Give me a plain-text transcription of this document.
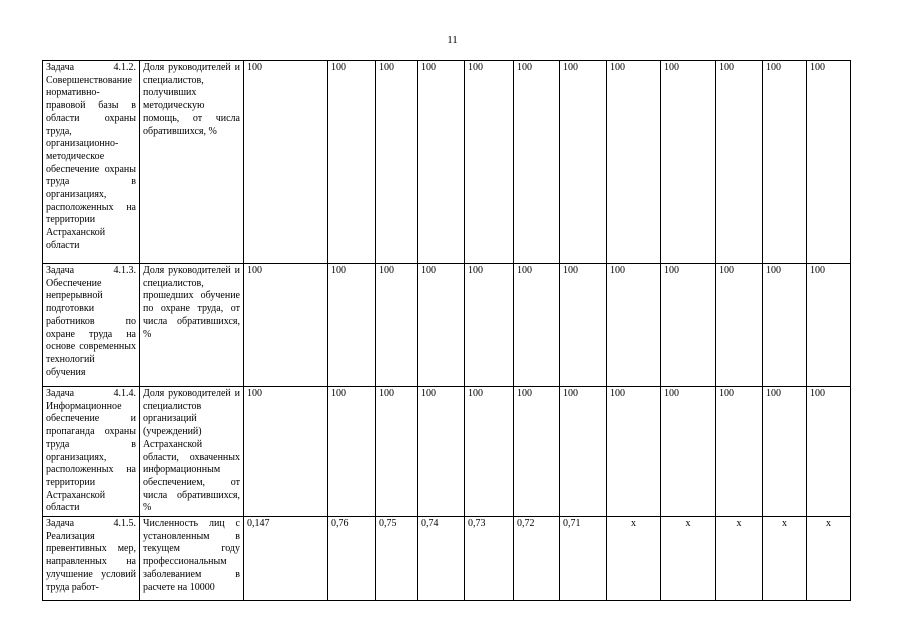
11
Задача 4.1.2. Совершенствование нормативно-правовой базы в области охраны труда, организационно-методическое обеспечение охраны труда в организациях, расположенных на территории Астраханской области	Доля руководителей и специалистов, получивших методическую помощь, от числа обратившихся, %	100	100	100	100	100	100	100	100	100	100	100	100
Задача 4.1.3. Обеспечение непрерывной подготовки работников по охране труда на основе современных технологий обучения	Доля руководителей и специалистов, прошедших обучение по охране труда, от числа обратившихся, %	100	100	100	100	100	100	100	100	100	100	100	100
Задача 4.1.4. Информационное обеспечение и пропаганда охраны труда в организациях, расположенных на территории Астраханской области	Доля руководителей и специалистов организаций (учреждений) Астраханской области, охваченных информационным обеспечением, от числа обратившихся, %	100	100	100	100	100	100	100	100	100	100	100	100
Задача 4.1.5. Реализация превентивных мер, направленных на улучшение условий труда работ-	Численность лиц с установленным в текущем году профессиональным заболеванием в расчете на 10000	0,147	0,76	0,75	0,74	0,73	0,72	0,71	x	x	x	x	x
